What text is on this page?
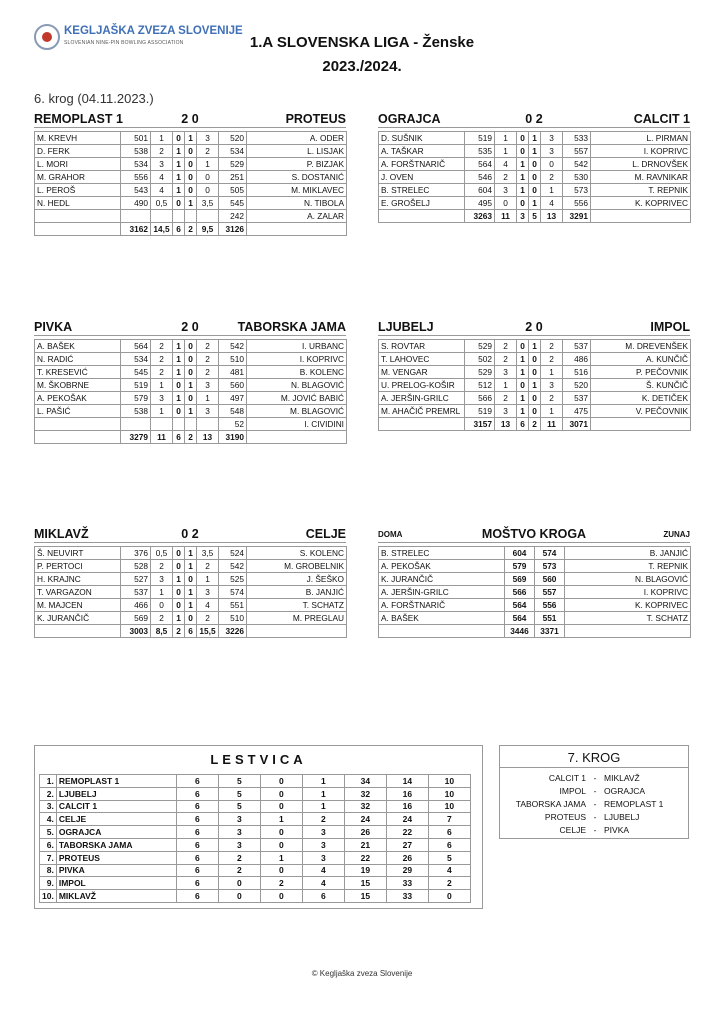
KEGLJAŠKA ZVEZA SLOVENIJE
SLOVENIAN NINE-PIN BOWLING ASSOCIATION	1.A SLOVENSKA LIGA - Ženske
2023./2024.
6. krog (04.11.2023.)
REMOPLAST 1	2 0	PROTEUS
M. KREVH	501	1	0	1	3	520	A. ODER
D. FERK	538	2	1	0	2	534	L. LISJAK
L. MORI	534	3	1	0	1	529	P. BIZJAK
M. GRAHOR	556	4	1	0	0	251	S. DOSTANIĆ
L. PEROŠ	543	4	1	0	0	505	M. MIKLAVEC
N. HEDL	490	0,5	0	1	3,5	545	N. TIBOLA
						242	A. ZALAR
	3162	14,5	6	2	9,5	3126	
OGRAJCA	0 2	CALCIT 1
D. SUŠNIK	519	1	0	1	3	533	L. PIRMAN
A. TAŠKAR	535	1	0	1	3	557	I. KOPRIVC
A. FORŠTNARIČ	564	4	1	0	0	542	L. DRNOVŠEK
J. OVEN	546	2	1	0	2	530	M. RAVNIKAR
B. STRELEC	604	3	1	0	1	573	T. REPNIK
E. GROŠELJ	495	0	0	1	4	556	K. KOPRIVEC
	3263	11	3	5	13	3291	
PIVKA	2 0	TABORSKA JAMA
A. BAŠEK	564	2	1	0	2	542	I. URBANC
N. RADIĆ	534	2	1	0	2	510	I. KOPRIVC
T. KRESEVIĆ	545	2	1	0	2	481	B. KOLENC
M. ŠKOBRNE	519	1	0	1	3	560	N. BLAGOVIĆ
A. PEKOŠAK	579	3	1	0	1	497	M. JOVIĆ BABIĆ
L. PAŠIĆ	538	1	0	1	3	548	M. BLAGOVIĆ
						52	I. CIVIDINI
	3279	11	6	2	13	3190	
LJUBELJ	2 0	IMPOL
S. ROVTAR	529	2	0	1	2	537	M. DREVENŠEK
T. LAHOVEC	502	2	1	0	2	486	A. KUNČIČ
M. VENGAR	529	3	1	0	1	516	P. PEČOVNIK
U. PRELOG-KOŠIR	512	1	0	1	3	520	Š. KUNČIČ
A. JERŠIN-GRILC	566	2	1	0	2	537	K. DETIČEK
M. AHAČIČ PREMRL	519	3	1	0	1	475	V. PEČOVNIK
	3157	13	6	2	11	3071	
MIKLAVŽ	0 2	CELJE
Š. NEUVIRT	376	0,5	0	1	3,5	524	S. KOLENC
P. PERTOCI	528	2	0	1	2	542	M. GROBELNIK
H. KRAJNC	527	3	1	0	1	525	J. ŠEŠKO
T. VARGAZON	537	1	0	1	3	574	B. JANJIĆ
M. MAJCEN	466	0	0	1	4	551	T. SCHATZ
K. JURANČIČ	569	2	1	0	2	510	M. PREGLAU
	3003	8,5	2	6	15,5	3226	
DOMA	MOŠTVO KROGA	ZUNAJ
B. STRELEC	604	574	B. JANJIĆ
A. PEKOŠAK	579	573	T. REPNIK
K. JURANČIČ	569	560	N. BLAGOVIĆ
A. JERŠIN-GRILC	566	557	I. KOPRIVC
A. FORŠTNARIČ	564	556	K. KOPRIVEC
A. BAŠEK	564	551	T. SCHATZ
	3446	3371	
LESTVICA
1.	REMOPLAST 1	6	5	0	1	34	14	10
2.	LJUBELJ	6	5	0	1	32	16	10
3.	CALCIT 1	6	5	0	1	32	16	10
4.	CELJE	6	3	1	2	24	24	7
5.	OGRAJCA	6	3	0	3	26	22	6
6.	TABORSKA JAMA	6	3	0	3	21	27	6
7.	PROTEUS	6	2	1	3	22	26	5
8.	PIVKA	6	2	0	4	19	29	4
9.	IMPOL	6	0	2	4	15	33	2
10.	MIKLAVŽ	6	0	0	6	15	33	0
7. KROG
CALCIT 1 - MIKLAVŽ
IMPOL - OGRAJCA
TABORSKA JAMA - REMOPLAST 1
PROTEUS - LJUBELJ
CELJE - PIVKA
© Kegljaška zveza Slovenije
